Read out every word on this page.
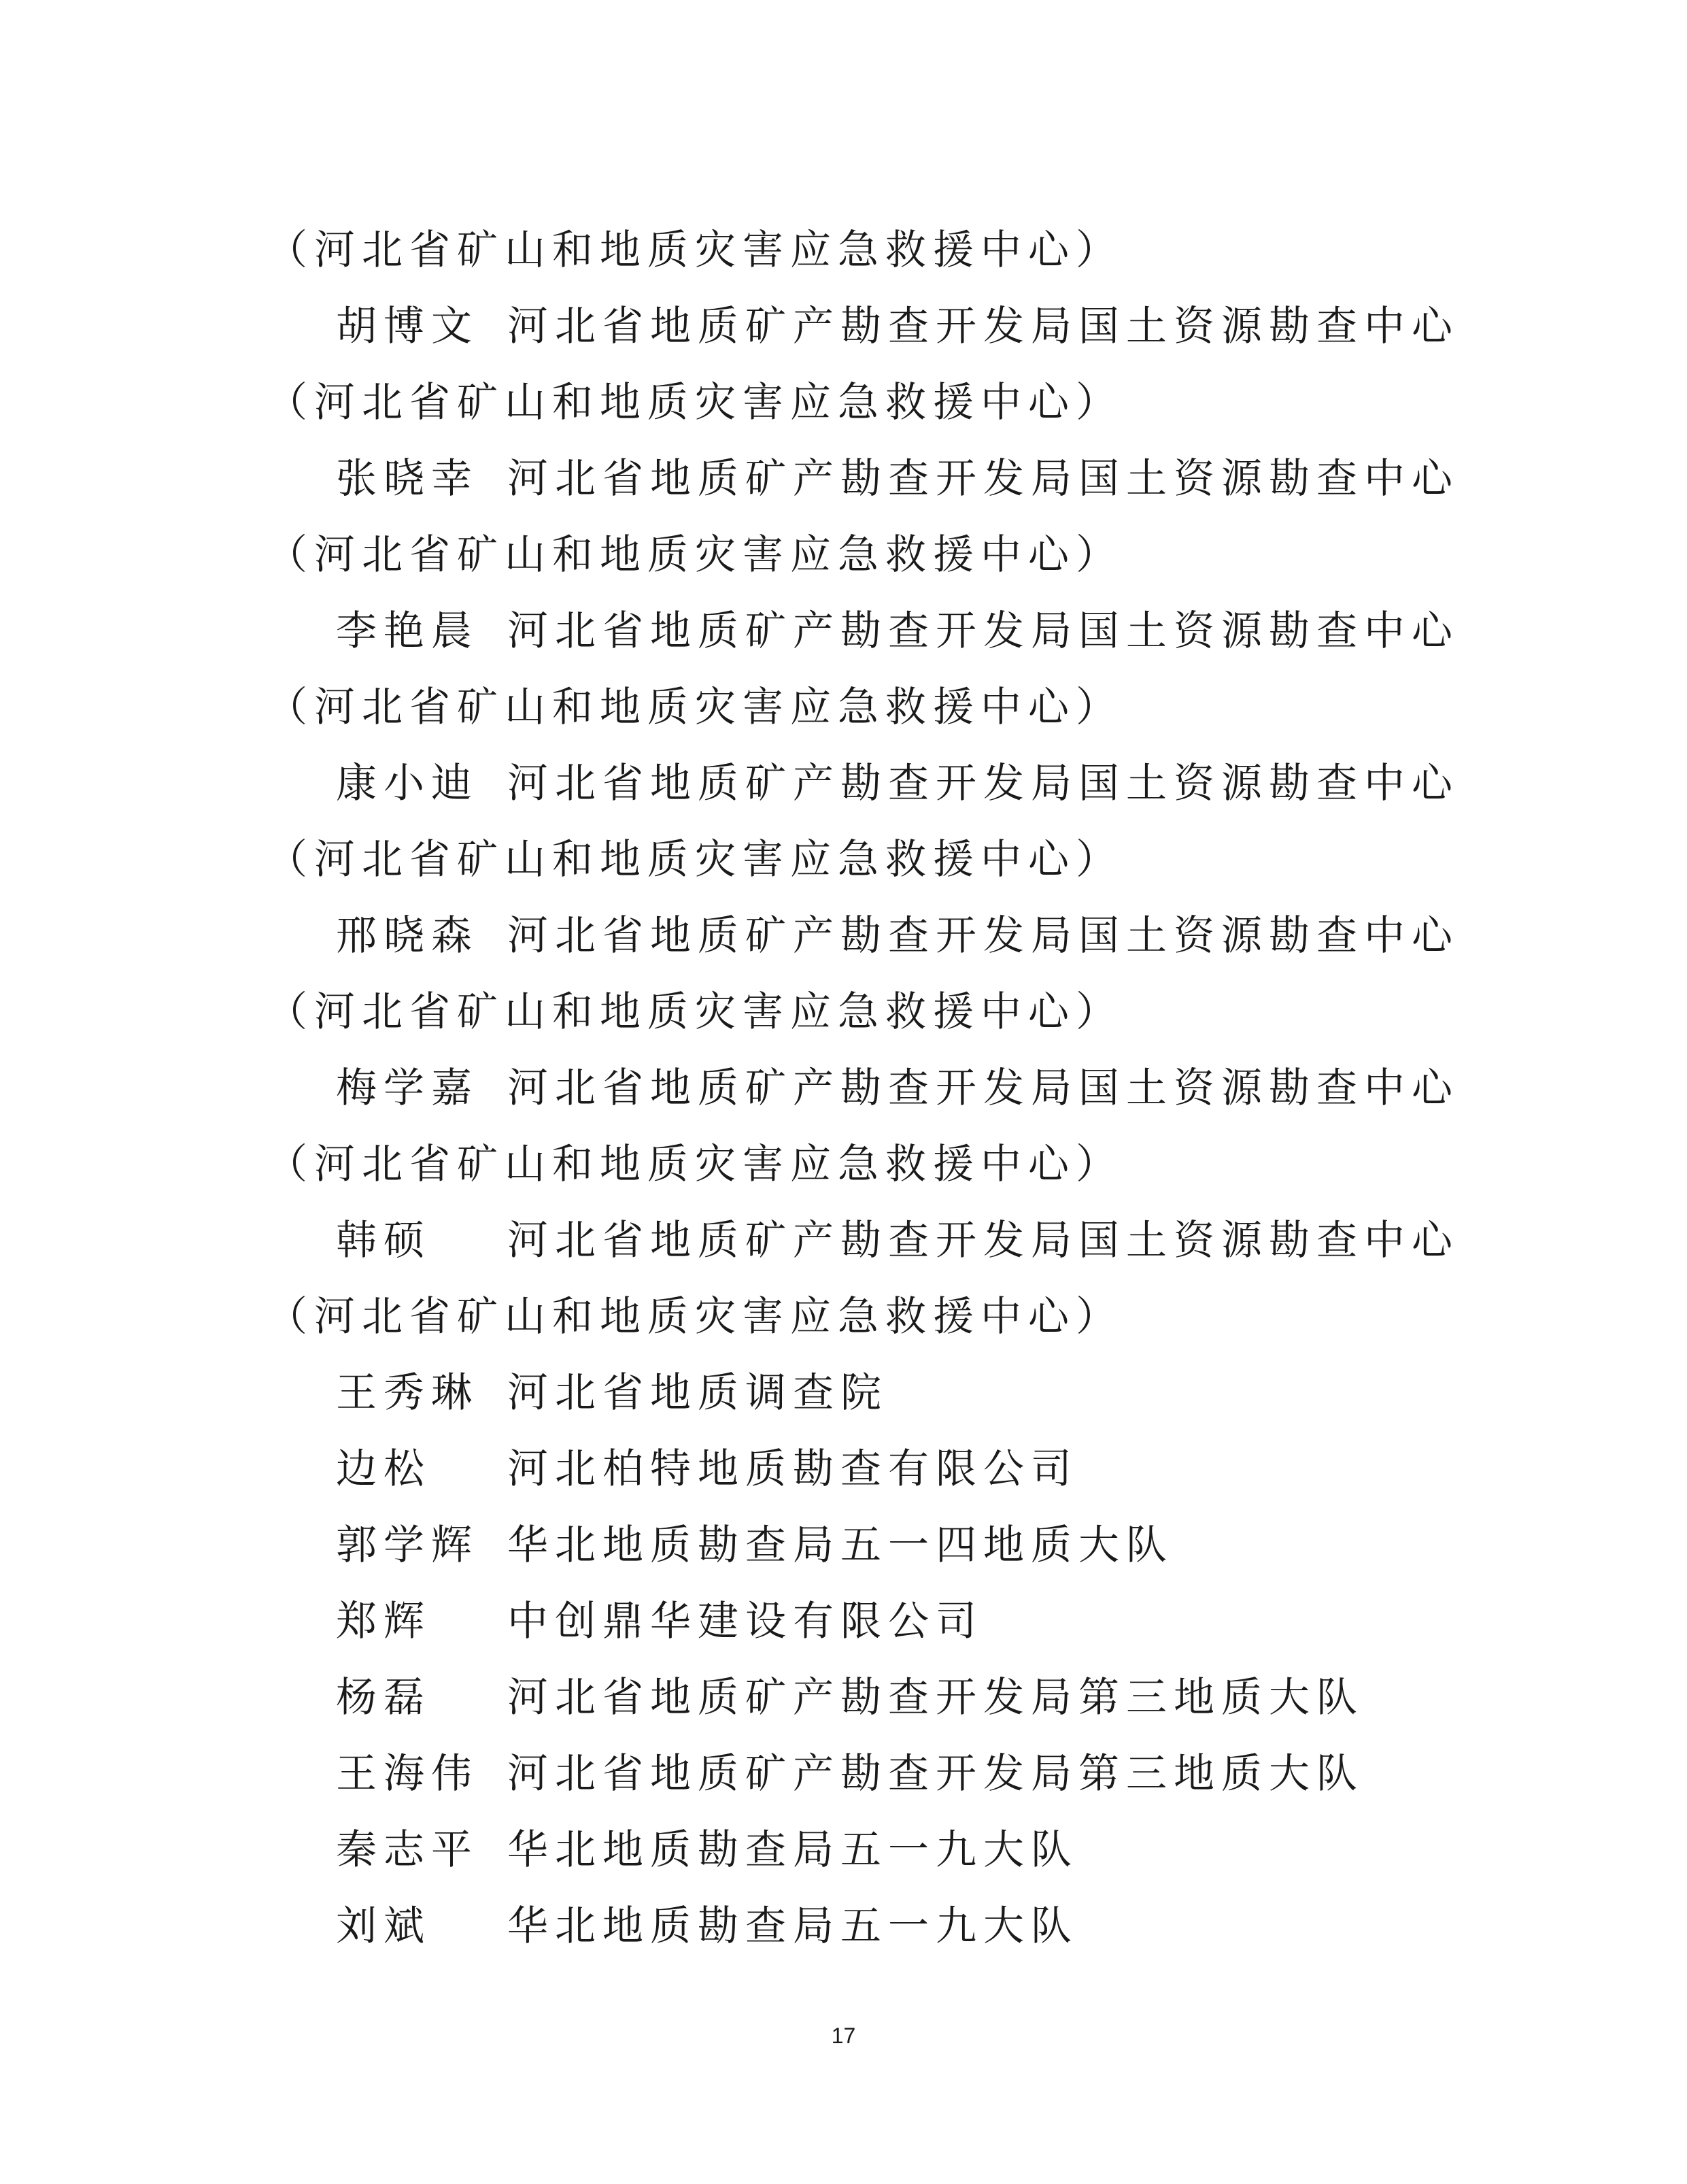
（河北省矿山和地质灾害应急救援中心）
胡博文 河北省地质矿产勘查开发局国土资源勘查中心
（河北省矿山和地质灾害应急救援中心）
张晓幸 河北省地质矿产勘查开发局国土资源勘查中心
（河北省矿山和地质灾害应急救援中心）
李艳晨 河北省地质矿产勘查开发局国土资源勘查中心
（河北省矿山和地质灾害应急救援中心）
康小迪 河北省地质矿产勘查开发局国土资源勘查中心
（河北省矿山和地质灾害应急救援中心）
邢晓森 河北省地质矿产勘查开发局国土资源勘查中心
（河北省矿山和地质灾害应急救援中心）
梅学嘉 河北省地质矿产勘查开发局国土资源勘查中心
（河北省矿山和地质灾害应急救援中心）
韩硕 河北省地质矿产勘查开发局国土资源勘查中心
（河北省矿山和地质灾害应急救援中心）
王秀琳 河北省地质调查院
边松 河北柏特地质勘查有限公司
郭学辉 华北地质勘查局五一四地质大队
郑辉 中创鼎华建设有限公司
杨磊 河北省地质矿产勘查开发局第三地质大队
王海伟 河北省地质矿产勘查开发局第三地质大队
秦志平 华北地质勘查局五一九大队
刘斌 华北地质勘查局五一九大队
17
